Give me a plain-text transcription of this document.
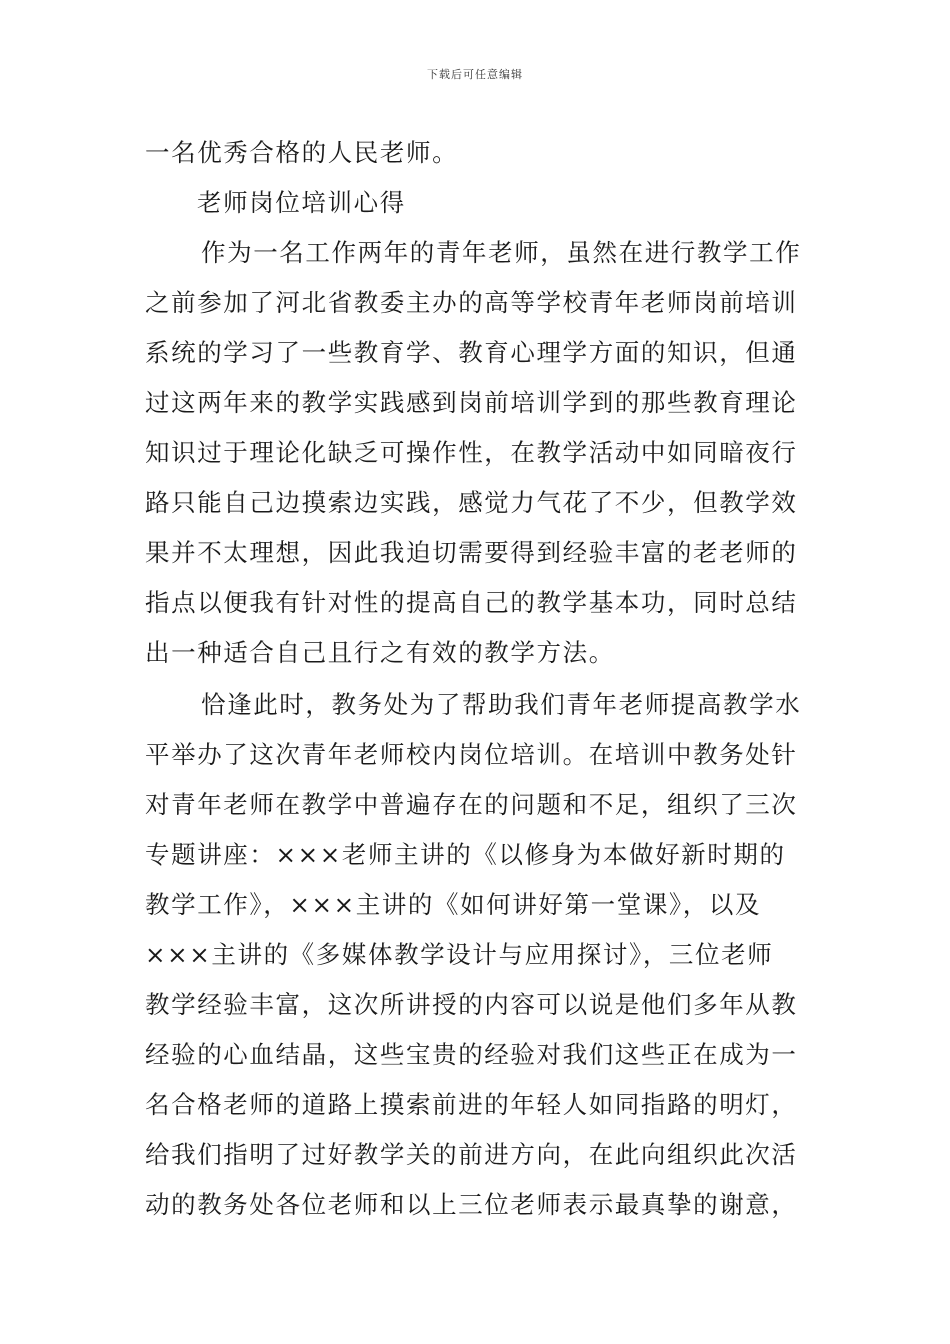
下载后可任意编辑
一名优秀合格的人民老师。
老师岗位培训心得
作为一名工作两年的青年老师，虽然在进行教学工作
之前参加了河北省教委主办的高等学校青年老师岗前培训
系统的学习了一些教育学、教育心理学方面的知识，但通
过这两年来的教学实践感到岗前培训学到的那些教育理论
知识过于理论化缺乏可操作性，在教学活动中如同暗夜行
路只能自己边摸索边实践，感觉力气花了不少，但教学效
果并不太理想，因此我迫切需要得到经验丰富的老老师的
指点以便我有针对性的提高自己的教学基本功，同时总结
出一种适合自己且行之有效的教学方法。
恰逢此时，教务处为了帮助我们青年老师提高教学水
平举办了这次青年老师校内岗位培训。在培训中教务处针
对青年老师在教学中普遍存在的问题和不足，组织了三次
专题讲座：×××老师主讲的《以修身为本做好新时期的
教学工作》，×××主讲的《如何讲好第一堂课》，以及
×××主讲的《多媒体教学设计与应用探讨》，三位老师
教学经验丰富，这次所讲授的内容可以说是他们多年从教
经验的心血结晶，这些宝贵的经验对我们这些正在成为一
名合格老师的道路上摸索前进的年轻人如同指路的明灯，
给我们指明了过好教学关的前进方向，在此向组织此次活
动的教务处各位老师和以上三位老师表示最真挚的谢意，
